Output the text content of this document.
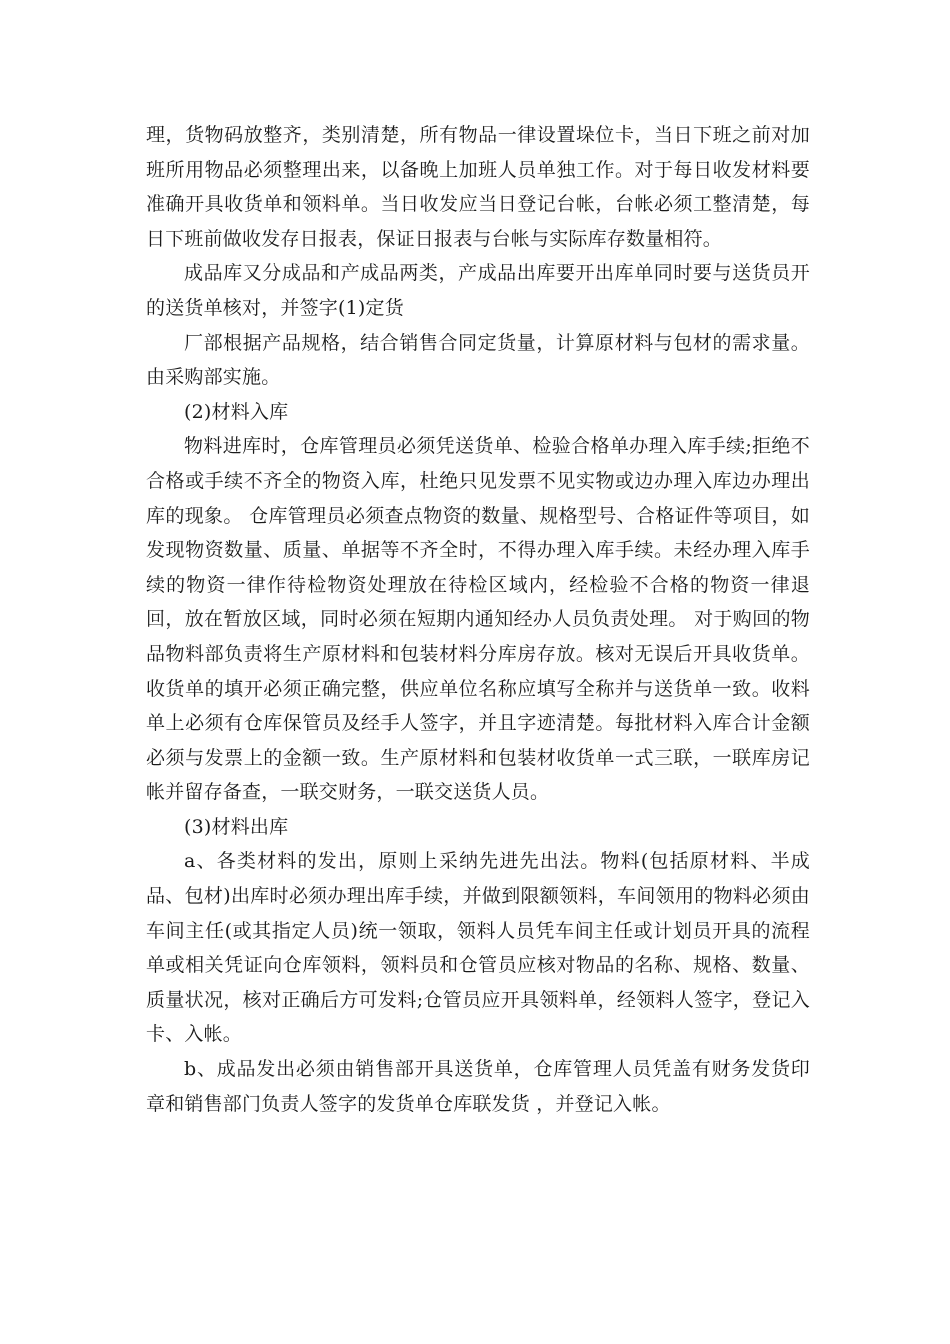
理，货物码放整齐，类别清楚，所有物品一律设置垛位卡，当日下班之前对加班所用物品必须整理出来，以备晚上加班人员单独工作。对于每日收发材料要准确开具收货单和领料单。当日收发应当日登记台帐，台帐必须工整清楚，每日下班前做收发存日报表，保证日报表与台帐与实际库存数量相符。

成品库又分成品和产成品两类，产成品出库要开出库单同时要与送货员开的送货单核对，并签字(1)定货

厂部根据产品规格，结合销售合同定货量，计算原材料与包材的需求量。由采购部实施。

(2)材料入库

物料进库时，仓库管理员必须凭送货单、检验合格单办理入库手续;拒绝不合格或手续不齐全的物资入库，杜绝只见发票不见实物或边办理入库边办理出库的现象。 仓库管理员必须查点物资的数量、规格型号、合格证件等项目，如发现物资数量、质量、单据等不齐全时，不得办理入库手续。未经办理入库手续的物资一律作待检物资处理放在待检区域内，经检验不合格的物资一律退回，放在暂放区域，同时必须在短期内通知经办人员负责处理。 对于购回的物品物料部负责将生产原材料和包装材料分库房存放。核对无误后开具收货单。收货单的填开必须正确完整，供应单位名称应填写全称并与送货单一致。收料单上必须有仓库保管员及经手人签字，并且字迹清楚。每批材料入库合计金额必须与发票上的金额一致。生产原材料和包装材收货单一式三联，一联库房记帐并留存备查，一联交财务，一联交送货人员。

(3)材料出库

a、各类材料的发出，原则上采纳先进先出法。物料(包括原材料、半成品、包材)出库时必须办理出库手续，并做到限额领料，车间领用的物料必须由车间主任(或其指定人员)统一领取，领料人员凭车间主任或计划员开具的流程单或相关凭证向仓库领料，领料员和仓管员应核对物品的名称、规格、数量、质量状况，核对正确后方可发料;仓管员应开具领料单，经领料人签字，登记入卡、入帐。

b、成品发出必须由销售部开具送货单，仓库管理人员凭盖有财务发货印章和销售部门负责人签字的发货单仓库联发货 ，并登记入帐。
